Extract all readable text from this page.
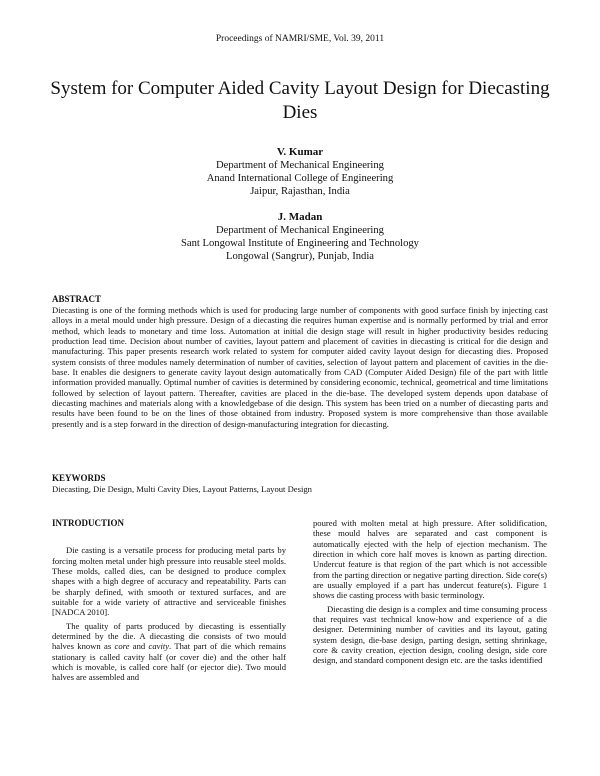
Proceedings of NAMRI/SME, Vol. 39, 2011
System for Computer Aided Cavity Layout Design for Diecasting Dies
V. Kumar
Department of Mechanical Engineering
Anand International College of Engineering
Jaipur, Rajasthan, India
J. Madan
Department of Mechanical Engineering
Sant Longowal Institute of Engineering and Technology
Longowal (Sangrur), Punjab, India
ABSTRACT
Diecasting is one of the forming methods which is used for producing large number of components with good surface finish by injecting cast alloys in a metal mould under high pressure. Design of a diecasting die requires human expertise and is normally performed by trial and error method, which leads to monetary and time loss. Automation at initial die design stage will result in higher productivity besides reducing production lead time. Decision about number of cavities, layout pattern and placement of cavities in diecasting is critical for die design and manufacturing. This paper presents research work related to system for computer aided cavity layout design for diecasting dies. Proposed system consists of three modules namely determination of number of cavities, selection of layout pattern and placement of cavities in the die-base. It enables die designers to generate cavity layout design automatically from CAD (Computer Aided Design) file of the part with little information provided manually. Optimal number of cavities is determined by considering economic, technical, geometrical and time limitations followed by selection of layout pattern. Thereafter, cavities are placed in the die-base. The developed system depends upon database of diecasting machines and materials along with a knowledgebase of die design. This system has been tried on a number of diecasting parts and results have been found to be on the lines of those obtained from industry. Proposed system is more comprehensive than those available presently and is a step forward in the direction of design-manufacturing integration for diecasting.
KEYWORDS
Diecasting, Die Design, Multi Cavity Dies, Layout Patterns, Layout Design
INTRODUCTION

Die casting is a versatile process for producing metal parts by forcing molten metal under high pressure into reusable steel molds. These molds, called dies, can be designed to produce complex shapes with a high degree of accuracy and repeatability. Parts can be sharply defined, with smooth or textured surfaces, and are suitable for a wide variety of attractive and serviceable finishes [NADCA 2010].

The quality of parts produced by diecasting is essentially determined by the die. A diecasting die consists of two mould halves known as core and cavity. That part of die which remains stationary is called cavity half (or cover die) and the other half which is movable, is called core half (or ejector die). Two mould halves are assembled and

poured with molten metal at high pressure. After solidification, these mould halves are separated and cast component is automatically ejected with the help of ejection mechanism. The direction in which core half moves is known as parting direction. Undercut feature is that region of the part which is not accessible from the parting direction or negative parting direction. Side core(s) are usually employed if a part has undercut feature(s). Figure 1 shows die casting process with basic terminology.

Diecasting die design is a complex and time consuming process that requires vast technical know-how and experience of a die designer. Determining number of cavities and its layout, gating system design, die-base design, parting design, setting shrinkage, core & cavity creation, ejection design, cooling design, side core design, and standard component design etc. are the tasks identified
